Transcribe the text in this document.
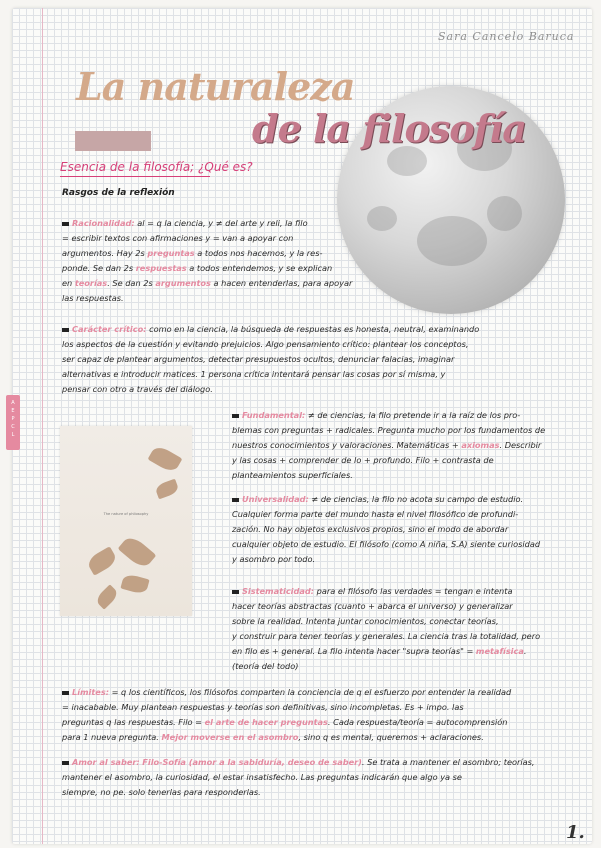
A
E
P
C
L
Sara Cancelo Baruca
La naturaleza
de la filosofía
Esencia de la filosofía; ¿Qué es?
Rasgos de la reflexión
Racionalidad: al = q la ciencia, y ≠ del arte y reli, la filo
= escribir textos con afirmaciones y = van a apoyar con
argumentos. Hay 2s preguntas a todos nos hacemos, y la res-
ponde. Se dan 2s respuestas a todos entendemos, y se explican
en teorías. Se dan 2s argumentos a hacen entenderlas, para apoyar
las respuestas.
Carácter crítico: como en la ciencia, la búsqueda de respuestas es honesta, neutral, examinando
los aspectos de la cuestión y evitando prejuicios. Algo pensamiento crítico: plantear los conceptos,
ser capaz de plantear argumentos, detectar presupuestos ocultos, denunciar falacias, imaginar
alternativas e introducir matices. 1 persona crítica intentará pensar las cosas por sí misma, y
pensar con otro a través del diálogo.
Fundamental: ≠ de ciencias, la filo pretende ir a la raíz de los pro-
blemas con preguntas + radicales. Pregunta mucho por los fundamentos de
nuestros conocimientos y valoraciones. Matemáticas + axiomas. Describir
y las cosas + comprender de lo + profundo. Filo + contrasta de
planteamientos superficiales.
The nature of philosophy
Universalidad: ≠ de ciencias, la filo no acota su campo de estudio.
Cualquier forma parte del mundo hasta el nivel filosófico de profundi-
zación. No hay objetos exclusivos propios, sino el modo de abordar
cualquier objeto de estudio. El filósofo (como A niña, S.A) siente curiosidad
y asombro por todo.
Sistematicidad: para el filósofo las verdades = tengan e intenta
hacer teorías abstractas (cuanto + abarca el universo) y generalizar
sobre la realidad. Intenta juntar conocimientos, conectar teorías,
y construir para tener teorías y generales. La ciencia tras la totalidad, pero
en filo es + general. La filo intenta hacer "supra teorías" = metafísica.
(teoría del todo)
Límites: = q los científicos, los filósofos comparten la conciencia de q el esfuerzo por entender la realidad
= inacabable. Muy plantean respuestas y teorías son definitivas, sino incompletas. Es + impo. las
preguntas q las respuestas. Filo = el arte de hacer preguntas. Cada respuesta/teoría = autocomprensión
para 1 nueva pregunta. Mejor moverse en el asombro, sino q es mental, queremos + aclaraciones.
Amor al saber: Filo-Sofía (amor a la sabiduría, deseo de saber). Se trata a mantener el asombro; teorías,
mantener el asombro, la curiosidad, el estar insatisfecho. Las preguntas indicarán que algo ya se
siempre, no pe. solo tenerlas para responderlas.
1.
